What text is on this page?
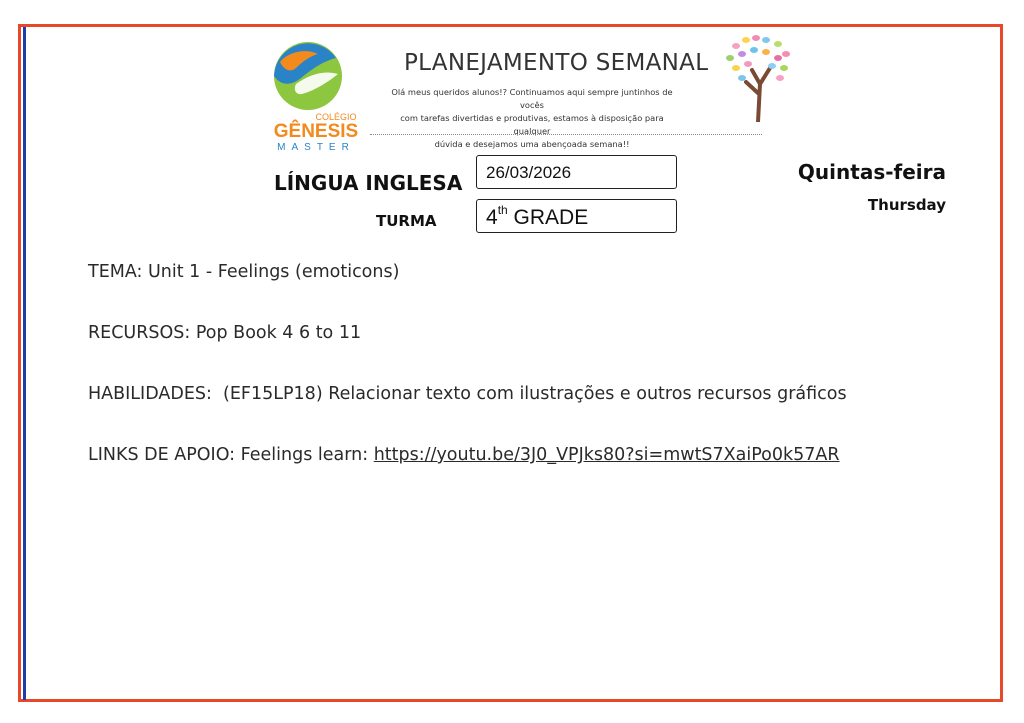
COLÉGIO
GÊNESIS
MASTER
PLANEJAMENTO SEMANAL
Olá meus queridos alunos!? Continuamos aqui sempre juntinhos de vocês
com tarefas divertidas e produtivas, estamos à disposição para qualquer
dúvida e desejamos uma abençoada semana!!
LÍNGUA INGLESA
TURMA
26/03/2026
4th GRADE
Quintas-feira
Thursday
TEMA: Unit 1 - Feelings (emoticons)
RECURSOS: Pop Book 4 6 to 11
HABILIDADES: (EF15LP18) Relacionar texto com ilustrações e outros recursos gráficos
LINKS DE APOIO: Feelings learn: https://youtu.be/3J0_VPJks80?si=mwtS7XaiPo0k57AR
